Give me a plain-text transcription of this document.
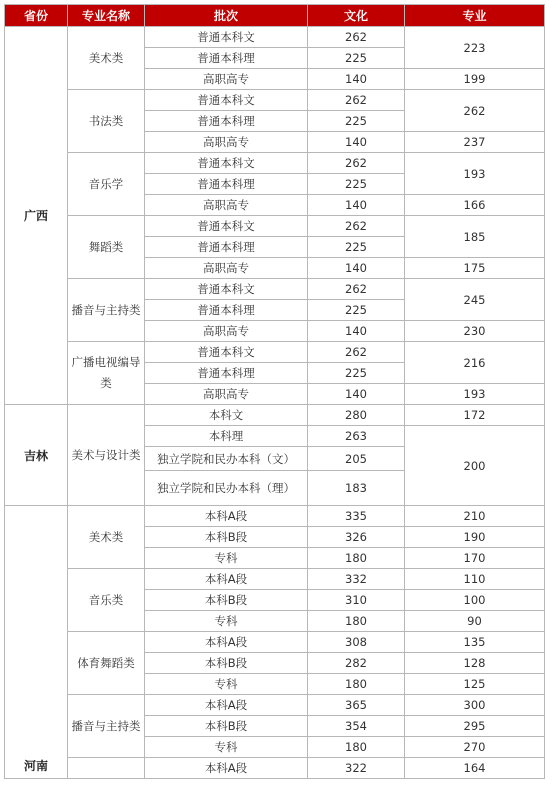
省份	专业名称	批次	文化	专业
广西	美术类	普通本科文	262	223
		普通本科理	225	
		高职高专	140	199
	书法类	普通本科文	262	262
		普通本科理	225	
		高职高专	140	237
	音乐学	普通本科文	262	193
		普通本科理	225	
		高职高专	140	166
	舞蹈类	普通本科文	262	185
		普通本科理	225	
		高职高专	140	175
	播音与主持类	普通本科文	262	245
		普通本科理	225	
		高职高专	140	230
	广播电视编导类	普通本科文	262	216
		普通本科理	225	
		高职高专	140	193
吉林	美术与设计类	本科文	280	172
		本科理	263	200
		独立学院和民办本科（文）	205	
		独立学院和民办本科（理）	183	
河南	美术类	本科A段	335	210
		本科B段	326	190
		专科	180	170
	音乐类	本科A段	332	110
		本科B段	310	100
		专科	180	90
	体育舞蹈类	本科A段	308	135
		本科B段	282	128
		专科	180	125
	播音与主持类	本科A段	365	300
		本科B段	354	295
		专科	180	270
		本科A段	322	164
